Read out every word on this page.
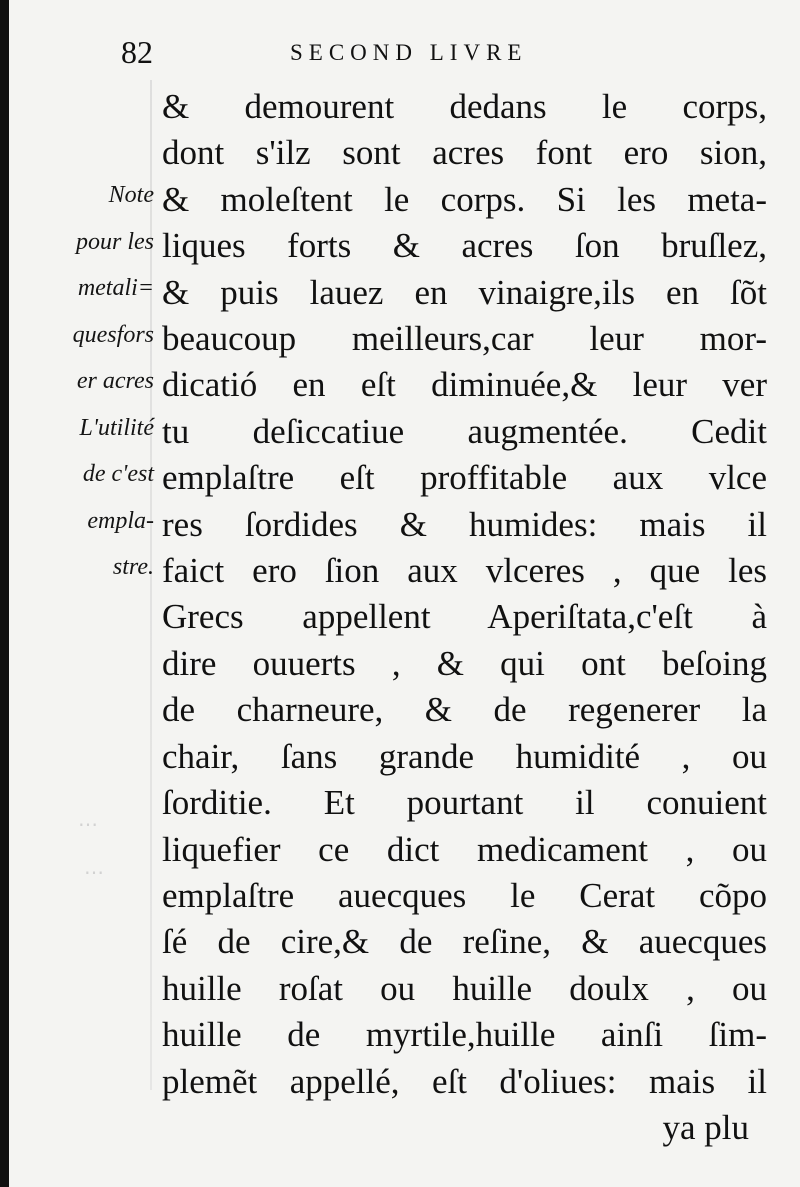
⋯
⋯
82	SECOND LIVRE
Note
pour les
metali=
quesfors
er acres
L'utilité
de c'est
empla-
stre.
& demourent dedans le corps,
dont s'ilz sont acres font ero sion,
& moleſtent le corps. Si les meta-
liques forts & acres ſon bruſlez,
& puis lauez en vinaigre,ils en ſõt
beaucoup meilleurs,car leur mor-
dicatió en eſt diminuée,& leur ver
tu deſiccatiue augmentée. Cedit
emplaſtre eſt proffitable aux vlce
res ſordides & humides: mais il
faict ero ſion aux vlceres , que les
Grecs appellent Aperiſtata,c'eſt à
dire ouuerts , & qui ont beſoing
de charneure, & de regenerer la
chair, ſans grande humidité , ou
ſorditie. Et pourtant il conuient
liquefier ce dict medicament , ou
emplaſtre auecques le Cerat cõpo
ſé de cire,& de reſine, & auecques
huille roſat ou huille doulx , ou
huille de myrtile,huille ainſi ſim-
plemẽt appellé, eſt d'oliues: mais il
ya plu
